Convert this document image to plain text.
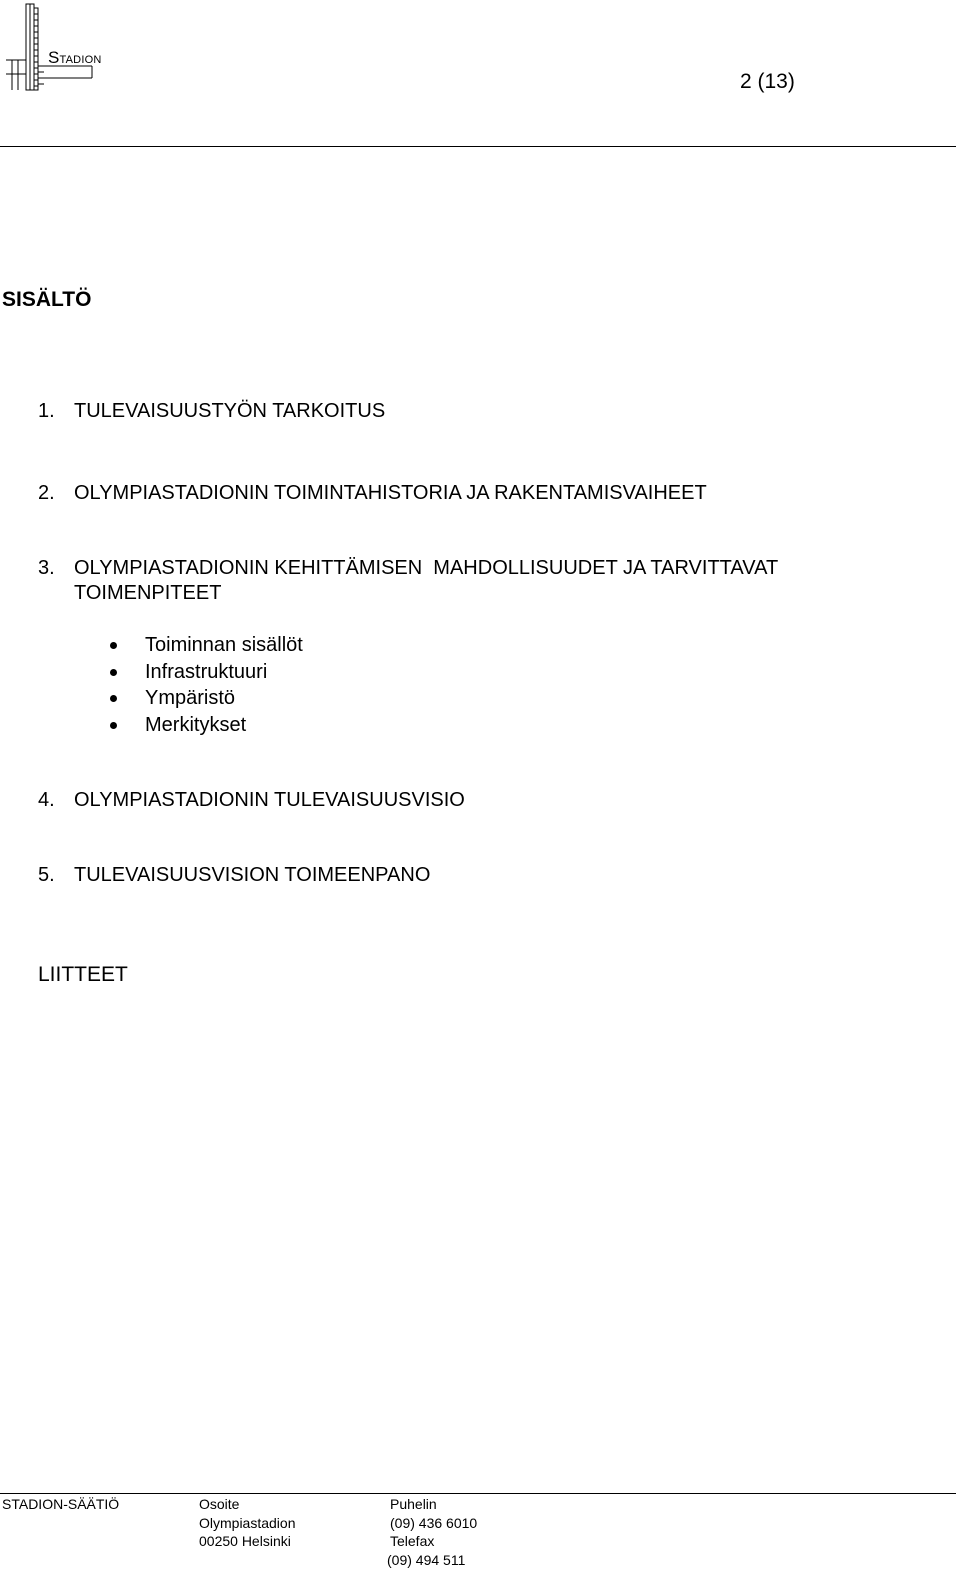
STADION
2 (13)
SISÄLTÖ
1. TULEVAISUUSTYÖN TARKOITUS
2. OLYMPIASTADIONIN TOIMINTAHISTORIA JA RAKENTAMISVAIHEET
3. OLYMPIASTADIONIN KEHITTÄMISEN  MAHDOLLISUUDET JA TARVITTAVAT
TOIMENPITEET
Toiminnan sisällöt
Infrastruktuuri
Ympäristö
Merkitykset
4. OLYMPIASTADIONIN TULEVAISUUSVISIO
5. TULEVAISUUSVISION TOIMEENPANO
LIITTEET
STADION-SÄÄTIÖ	Osoite
Olympiastadion
00250 Helsinki
Puhelin
(09) 436 6010
Telefax
(09) 494 511
